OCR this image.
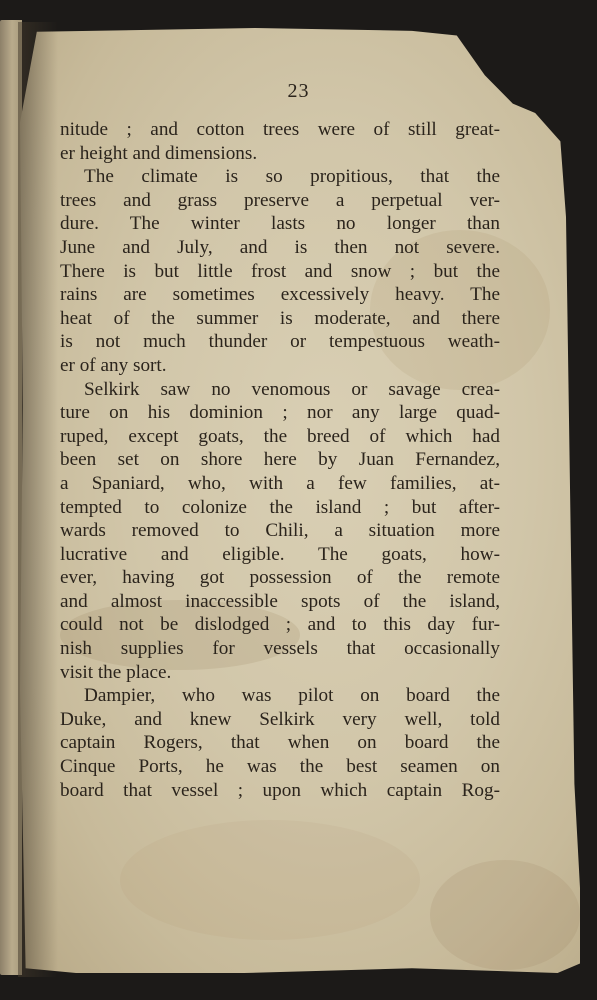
23
nitude ; and cotton trees were of still great-
er height and dimensions.
The climate is so propitious, that the
trees and grass preserve a perpetual ver-
dure. The winter lasts no longer than
June and July, and is then not severe.
There is but little frost and snow ; but the
rains are sometimes excessively heavy. The
heat of the summer is moderate, and there
is not much thunder or tempestuous weath-
er of any sort.
Selkirk saw no venomous or savage crea-
ture on his dominion ; nor any large quad-
ruped, except goats, the breed of which had
been set on shore here by Juan Fernandez,
a Spaniard, who, with a few families, at-
tempted to colonize the island ; but after-
wards removed to Chili, a situation more
lucrative and eligible. The goats, how-
ever, having got possession of the remote
and almost inaccessible spots of the island,
could not be dislodged ; and to this day fur-
nish supplies for vessels that occasionally
visit the place.
Dampier, who was pilot on board the
Duke, and knew Selkirk very well, told
captain Rogers, that when on board the
Cinque Ports, he was the best seamen on
board that vessel ; upon which captain Rog-
